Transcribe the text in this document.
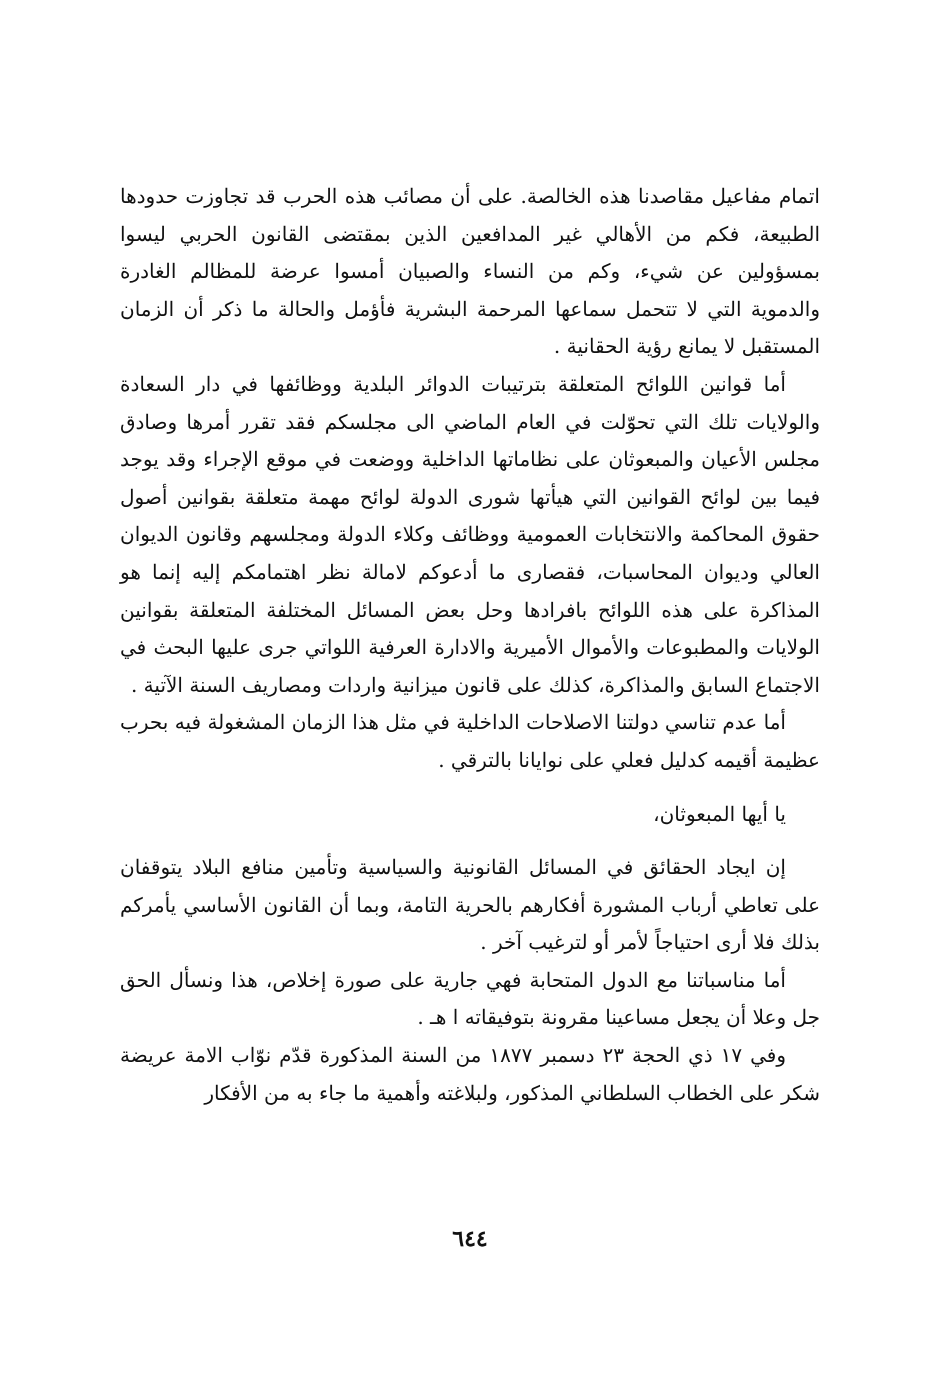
اتمام مفاعيل مقاصدنا هذه الخالصة. على أن مصائب هذه الحرب قد تجاوزت حدودها الطبيعة، فكم من الأهالي غير المدافعين الذين بمقتضى القانون الحربي ليسوا بمسؤولين عن شيء، وكم من النساء والصبيان أمسوا عرضة للمظالم الغادرة والدموية التي لا تتحمل سماعها المرحمة البشرية فأؤمل والحالة ما ذكر أن الزمان المستقبل لا يمانع رؤية الحقانية .

أما قوانين اللوائح المتعلقة بترتيبات الدوائر البلدية ووظائفها في دار السعادة والولايات تلك التي تحوّلت في العام الماضي الى مجلسكم فقد تقرر أمرها وصادق مجلس الأعيان والمبعوثان على نظاماتها الداخلية ووضعت في موقع الإجراء وقد يوجد فيما بين لوائح القوانين التي هيأتها شورى الدولة لوائح مهمة متعلقة بقوانين أصول حقوق المحاكمة والانتخابات العمومية ووظائف وكلاء الدولة ومجلسهم وقانون الديوان العالي وديوان المحاسبات، فقصارى ما أدعوكم لامالة نظر اهتمامكم إليه إنما هو المذاكرة على هذه اللوائح بافرادها وحل بعض المسائل المختلفة المتعلقة بقوانين الولايات والمطبوعات والأموال الأميرية والادارة العرفية اللواتي جرى عليها البحث في الاجتماع السابق والمذاكرة، كذلك على قانون ميزانية واردات ومصاريف السنة الآتية .

أما عدم تناسي دولتنا الاصلاحات الداخلية في مثل هذا الزمان المشغولة فيه بحرب عظيمة أقيمه كدليل فعلي على نوايانا بالترقي .

يا أيها المبعوثان،

إن ايجاد الحقائق في المسائل القانونية والسياسية وتأمين منافع البلاد يتوقفان على تعاطي أرباب المشورة أفكارهم بالحرية التامة، وبما أن القانون الأساسي يأمركم بذلك فلا أرى احتياجاً لأمر أو لترغيب آخر .

أما مناسباتنا مع الدول المتحابة فهي جارية على صورة إخلاص، هذا ونسأل الحق جل وعلا أن يجعل مساعينا مقرونة بتوفيقاته ا هـ .

وفي ١٧ ذي الحجة ٢٣ دسمبر ١٨٧٧ من السنة المذكورة قدّم نوّاب الامة عريضة شكر على الخطاب السلطاني المذكور، ولبلاغته وأهمية ما جاء به من الأفكار

٦٤٤
